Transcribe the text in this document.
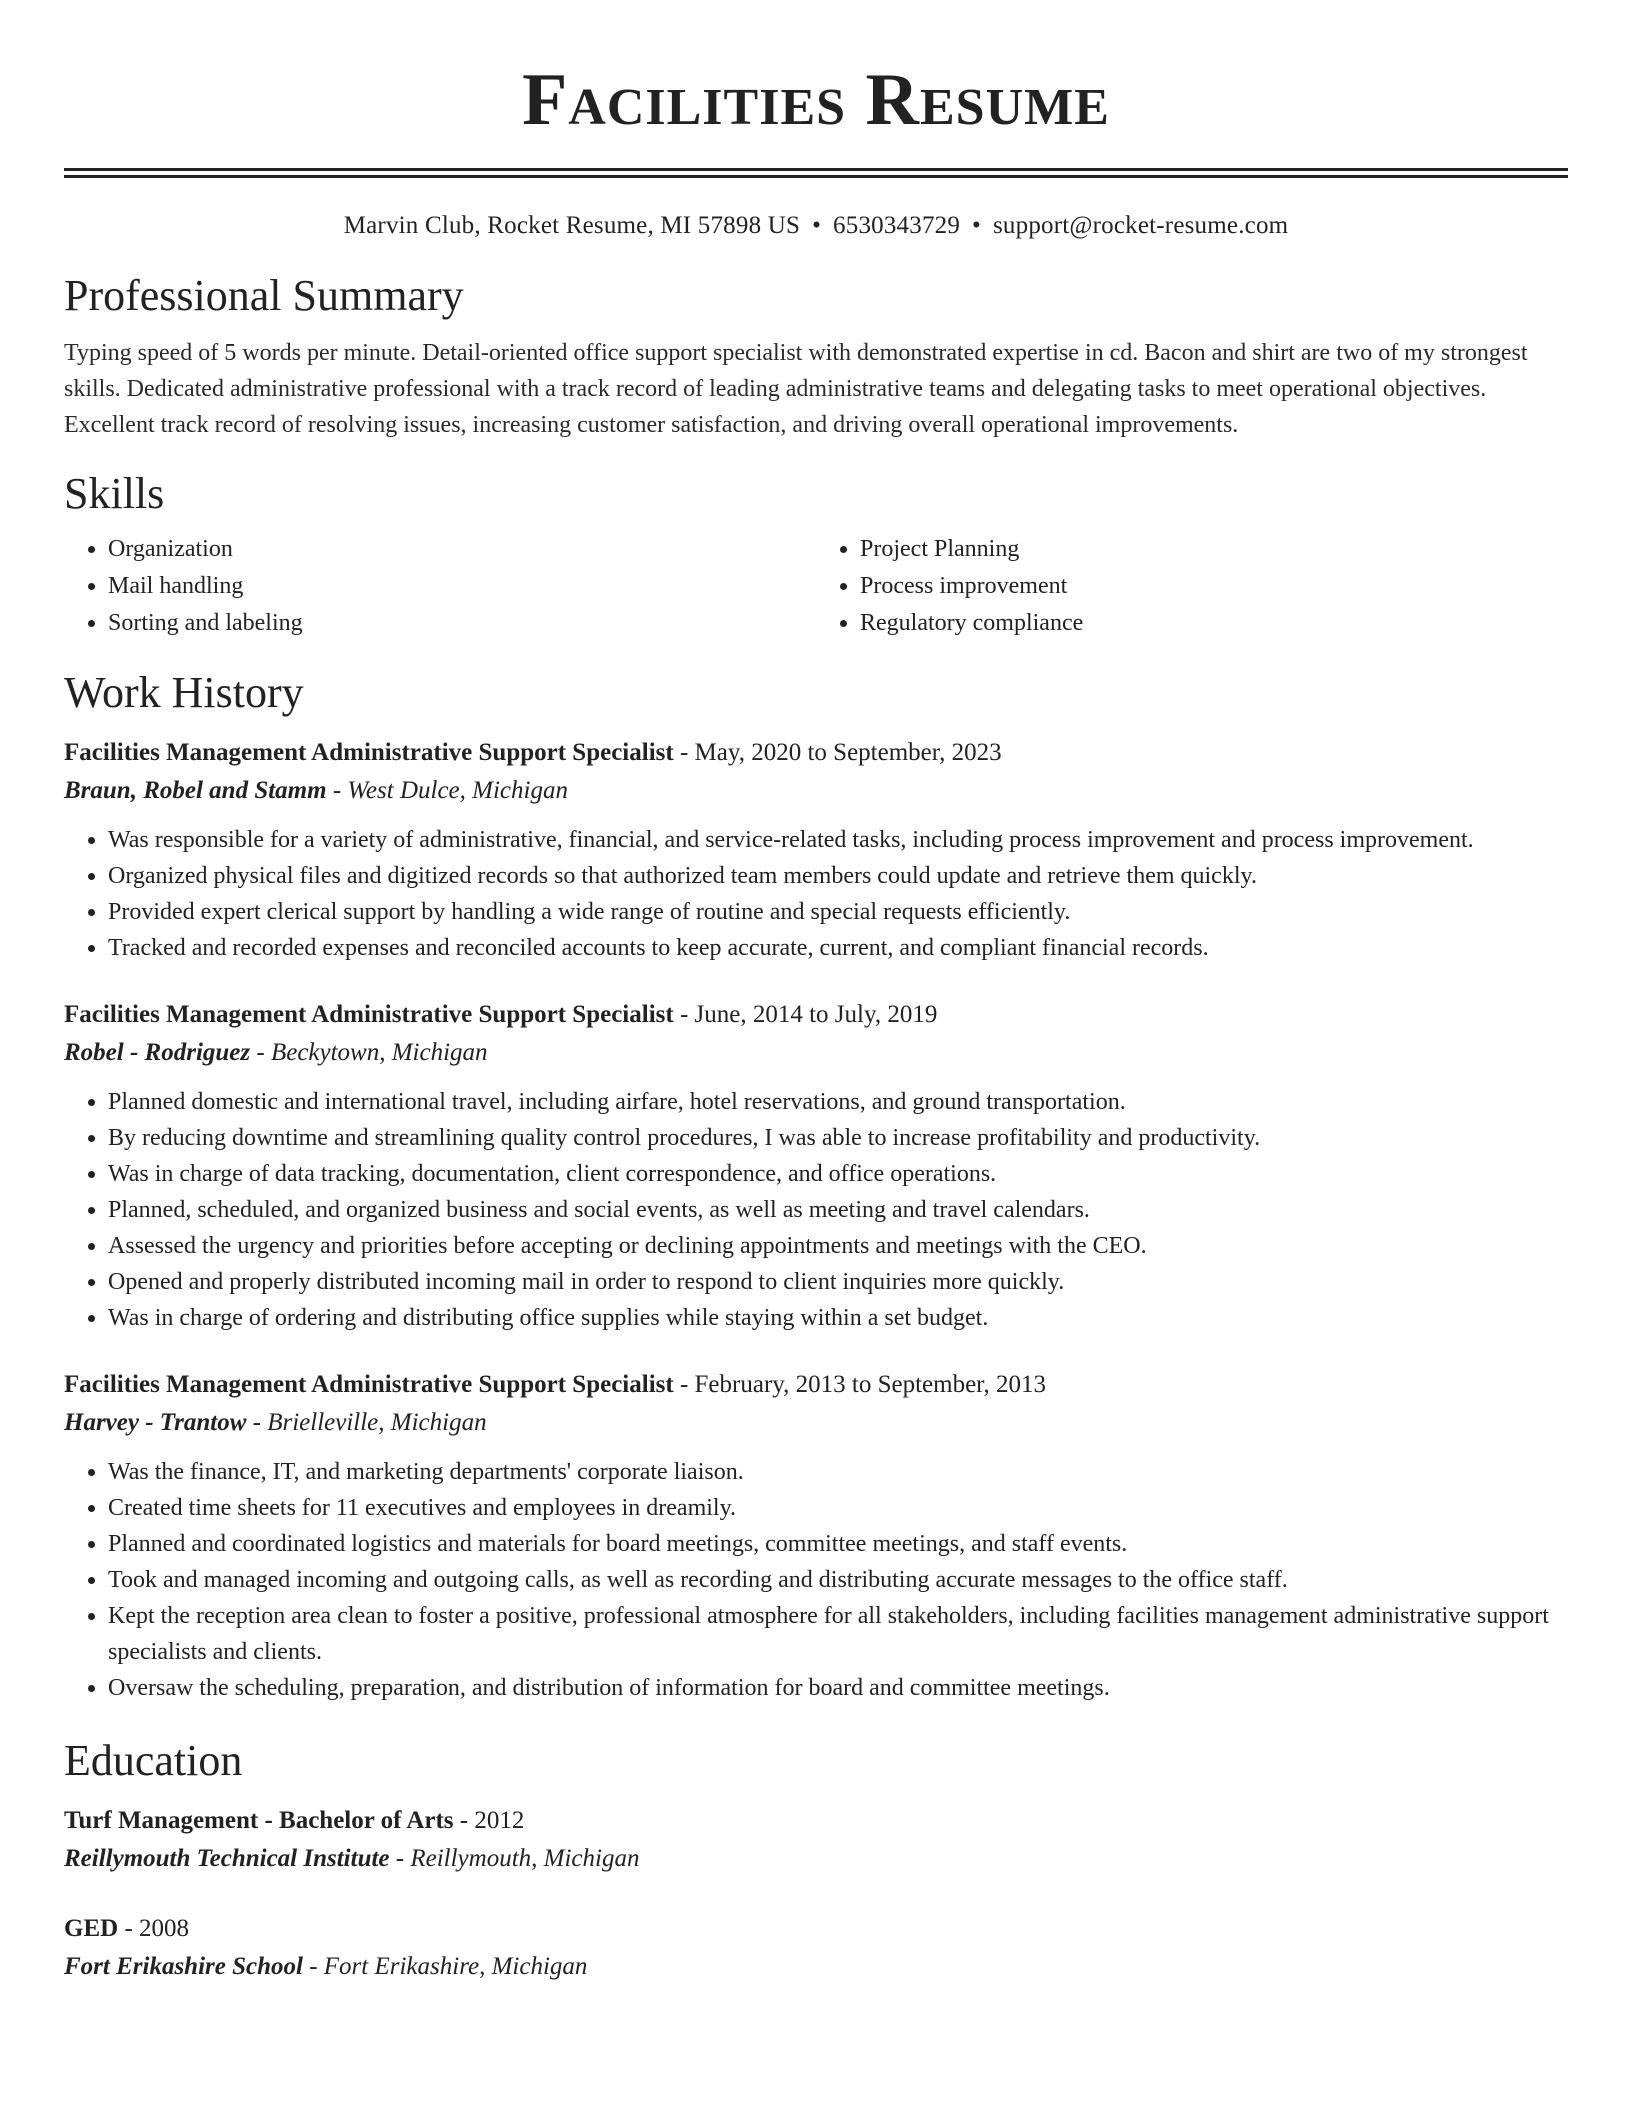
Facilities Resume
Marvin Club, Rocket Resume, MI 57898 US • 6530343729 • support@rocket-resume.com
Professional Summary

Typing speed of 5 words per minute. Detail-oriented office support specialist with demonstrated expertise in cd. Bacon and shirt are two of my strongest skills. Dedicated administrative professional with a track record of leading administrative teams and delegating tasks to meet operational objectives. Excellent track record of resolving issues, increasing customer satisfaction, and driving overall operational improvements.

Skills
• Organization
• Mail handling
• Sorting and labeling
• Project Planning
• Process improvement
• Regulatory compliance
Work History
Facilities Management Administrative Support Specialist - May, 2020 to September, 2023
Braun, Robel and Stamm - West Dulce, Michigan
• Was responsible for a variety of administrative, financial, and service-related tasks, including process improvement and process improvement.
• Organized physical files and digitized records so that authorized team members could update and retrieve them quickly.
• Provided expert clerical support by handling a wide range of routine and special requests efficiently.
• Tracked and recorded expenses and reconciled accounts to keep accurate, current, and compliant financial records.
Facilities Management Administrative Support Specialist - June, 2014 to July, 2019
Robel - Rodriguez - Beckytown, Michigan
• Planned domestic and international travel, including airfare, hotel reservations, and ground transportation.
• By reducing downtime and streamlining quality control procedures, I was able to increase profitability and productivity.
• Was in charge of data tracking, documentation, client correspondence, and office operations.
• Planned, scheduled, and organized business and social events, as well as meeting and travel calendars.
• Assessed the urgency and priorities before accepting or declining appointments and meetings with the CEO.
• Opened and properly distributed incoming mail in order to respond to client inquiries more quickly.
• Was in charge of ordering and distributing office supplies while staying within a set budget.
Facilities Management Administrative Support Specialist - February, 2013 to September, 2013
Harvey - Trantow - Brielleville, Michigan
• Was the finance, IT, and marketing departments' corporate liaison.
• Created time sheets for 11 executives and employees in dreamily.
• Planned and coordinated logistics and materials for board meetings, committee meetings, and staff events.
• Took and managed incoming and outgoing calls, as well as recording and distributing accurate messages to the office staff.
• Kept the reception area clean to foster a positive, professional atmosphere for all stakeholders, including facilities management administrative support specialists and clients.
• Oversaw the scheduling, preparation, and distribution of information for board and committee meetings.
Education
Turf Management - Bachelor of Arts - 2012
Reillymouth Technical Institute - Reillymouth, Michigan
GED - 2008
Fort Erikashire School - Fort Erikashire, Michigan
